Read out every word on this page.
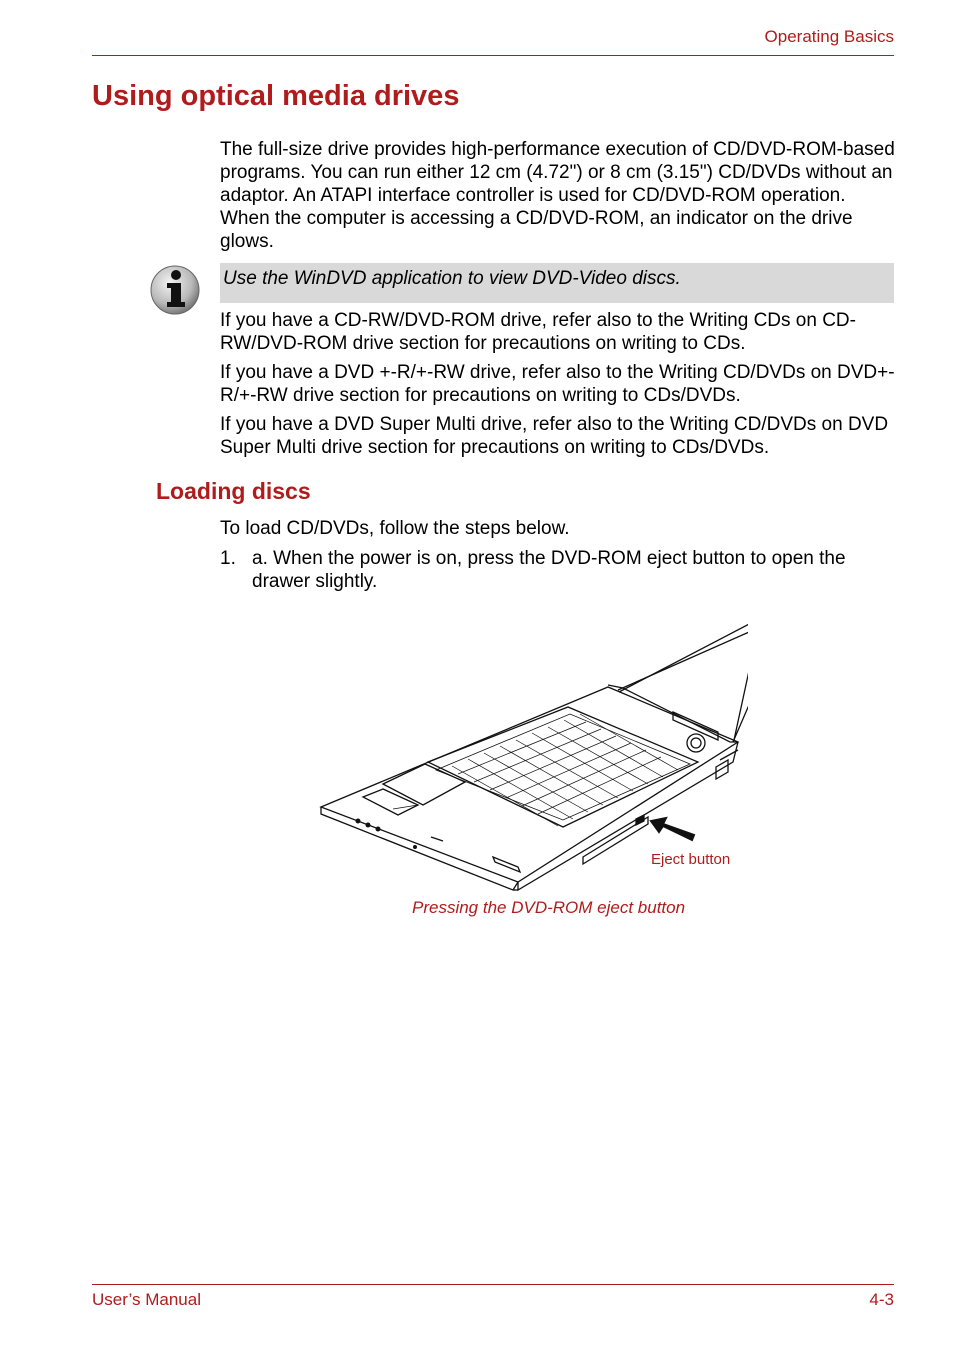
Operating Basics
Using optical media drives
The full-size drive provides high-performance execution of CD/DVD-ROM-based programs. You can run either 12 cm (4.72") or 8 cm (3.15") CD/DVDs without an adaptor. An ATAPI interface controller is used for CD/DVD-ROM operation. When the computer is accessing a CD/DVD-ROM, an indicator on the drive glows.
Use the WinDVD application to view DVD-Video discs.
If you have a CD-RW/DVD-ROM drive, refer also to the Writing CDs on CD-RW/DVD-ROM drive section for precautions on writing to CDs.
If you have a DVD +-R/+-RW drive, refer also to the Writing CD/DVDs on DVD+-R/+-RW drive section for precautions on writing to CDs/DVDs.
If you have a DVD Super Multi drive, refer also to the Writing CD/DVDs on DVD Super Multi drive section for precautions on writing to CDs/DVDs.
Loading discs
To load CD/DVDs, follow the steps below.
1. a. When the power is on, press the DVD-ROM eject button to open the drawer slightly.
Eject button
Pressing the DVD-ROM eject button
User’s Manual	4-3
